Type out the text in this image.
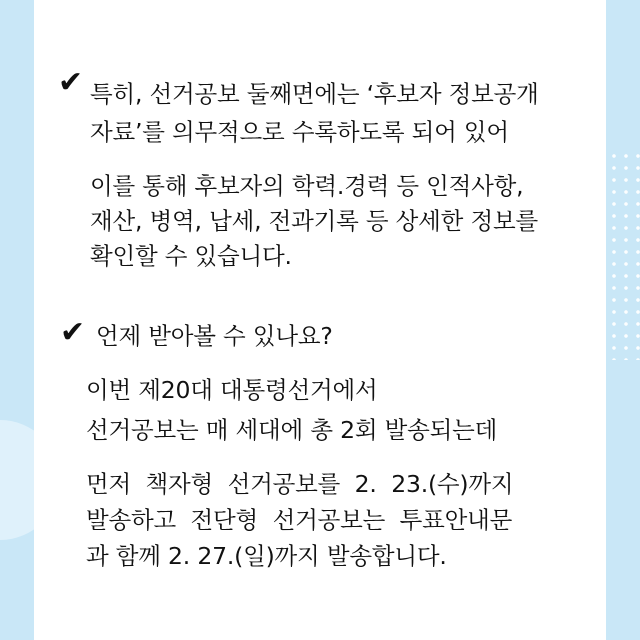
✔ 특히, 선거공보 둘째면에는 ‘후보자 정보공개
자료’를 의무적으로 수록하도록 되어 있어
이를 통해 후보자의 학력.경력 등 인적사항,
재산, 병역, 납세, 전과기록 등 상세한 정보를
확인할 수 있습니다.
✔ 언제 받아볼 수 있나요?
이번 제20대 대통령선거에서
선거공보는 매 세대에 총 2회 발송되는데
먼저  책자형  선거공보를  2.  23.(수)까지
발송하고  전단형  선거공보는  투표안내문
과 함께 2. 27.(일)까지 발송합니다.
